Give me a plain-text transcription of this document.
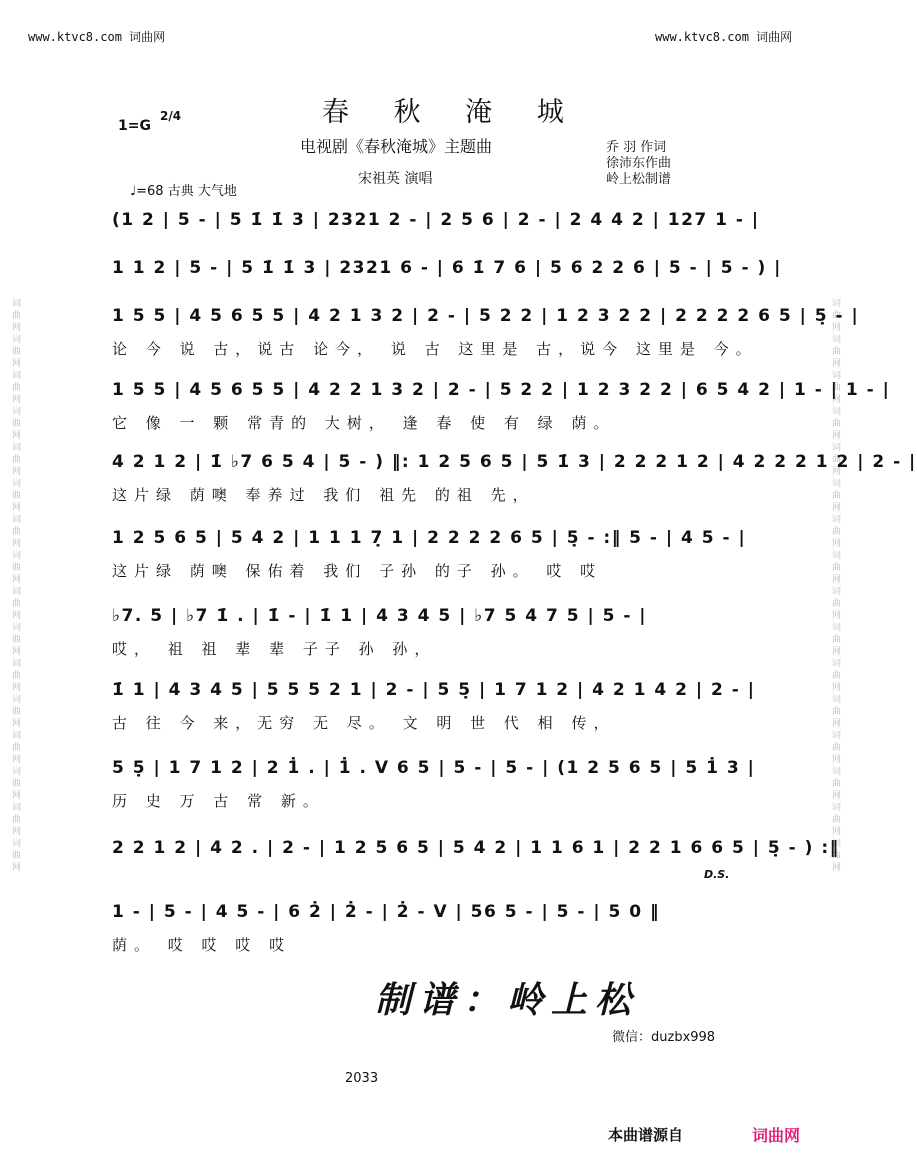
词曲网词曲网词曲网词曲网词曲网词曲网词曲网词曲网词曲网词曲网词曲网词曲网词曲网词曲网词曲网词曲网	词曲网词曲网词曲网词曲网词曲网词曲网词曲网词曲网词曲网词曲网词曲网词曲网词曲网词曲网词曲网词曲网
www.ktvc8.com 词曲网	www.ktvc8.com 词曲网
春 秋 淹 城
电视剧《春秋淹城》主题曲
宋祖英 演唱
1=G
2/4
乔 羽 作词
徐沛东作曲
岭上松制谱
♩=68 古典 大气地
(1 2 | 5 - | 5 1̇ 1̇ 3 | 2321 2 - | 2 5 6 | 2 - | 2 4 4 2 | 127 1 - |
1 1 2 | 5 - | 5 1̇ 1̇ 3 | 2321 6 - | 6 1̇ 7 6 | 5 6 2 2 6 | 5 - | 5 - ) |
1 5 5 | 4 5 6 5 5 | 4 2 1 3 2 | 2 - | 5 2 2 | 1 2 3 2 2 | 2 2 2 2 6 5 | 5̣ - |
论 今 说 古，说古 论今， 说 古 这里是 古，说今 这里是 今。
1 5 5 | 4 5 6 5 5 | 4 2 2 1 3 2 | 2 - | 5 2 2 | 1 2 3 2 2 | 6 5 4 2 | 1 - | 1 - |
它 像 一 颗 常青的 大树， 逢 春 使 有 绿 荫。
4 2 1 2 | 1̇ ♭7 6 5 4 | 5 - ) ‖: 1 2 5 6 5 | 5 1̇ 3 | 2 2 2 1 2 | 4 2 2 2 1 2 | 2 - |
这片绿 荫噢 奉养过 我们 祖先 的祖 先，
1 2 5 6 5 | 5 4 2 | 1 1 1 7̣ 1 | 2 2 2 2 6 5 | 5̣ - :‖ 5 - | 4 5 - |
这片绿 荫噢 保佑着 我们 子孙 的子 孙。 哎 哎
♭7. 5 | ♭7 1̇ . | 1̇ - | 1̇ 1 | 4 3 4 5 | ♭7 5 4 7 5 | 5 - |
哎， 祖 祖 辈 辈 子子 孙 孙，
1̇ 1 | 4 3 4 5 | 5 5 5 2 1 | 2 - | 5 5̣ | 1 7 1 2 | 4 2 1 4 2 | 2 - |
古 往 今 来，无穷 无 尽。 文 明 世 代 相 传，
5 5̣ | 1 7 1 2 | 2 1̇ . | 1̇ . V 6 5 | 5 - | 5 - | (1 2 5 6 5 | 5 1̇ 3 |
历 史 万 古 常 新。
2 2 1 2 | 4 2 . | 2 - | 1 2 5 6 5 | 5 4 2 | 1 1 6 1 | 2 2 1 6 6 5 | 5̣ - ) :‖
1 - | 5 - | 4 5 - | 6 2̇ | 2̇ - | 2̇ - V | 56 5 - | 5 - | 5 0 ‖
荫。 哎 哎 哎 哎
D.S.
制谱：岭上松
微信：duzbx998
2033
本曲谱源自	词曲网
